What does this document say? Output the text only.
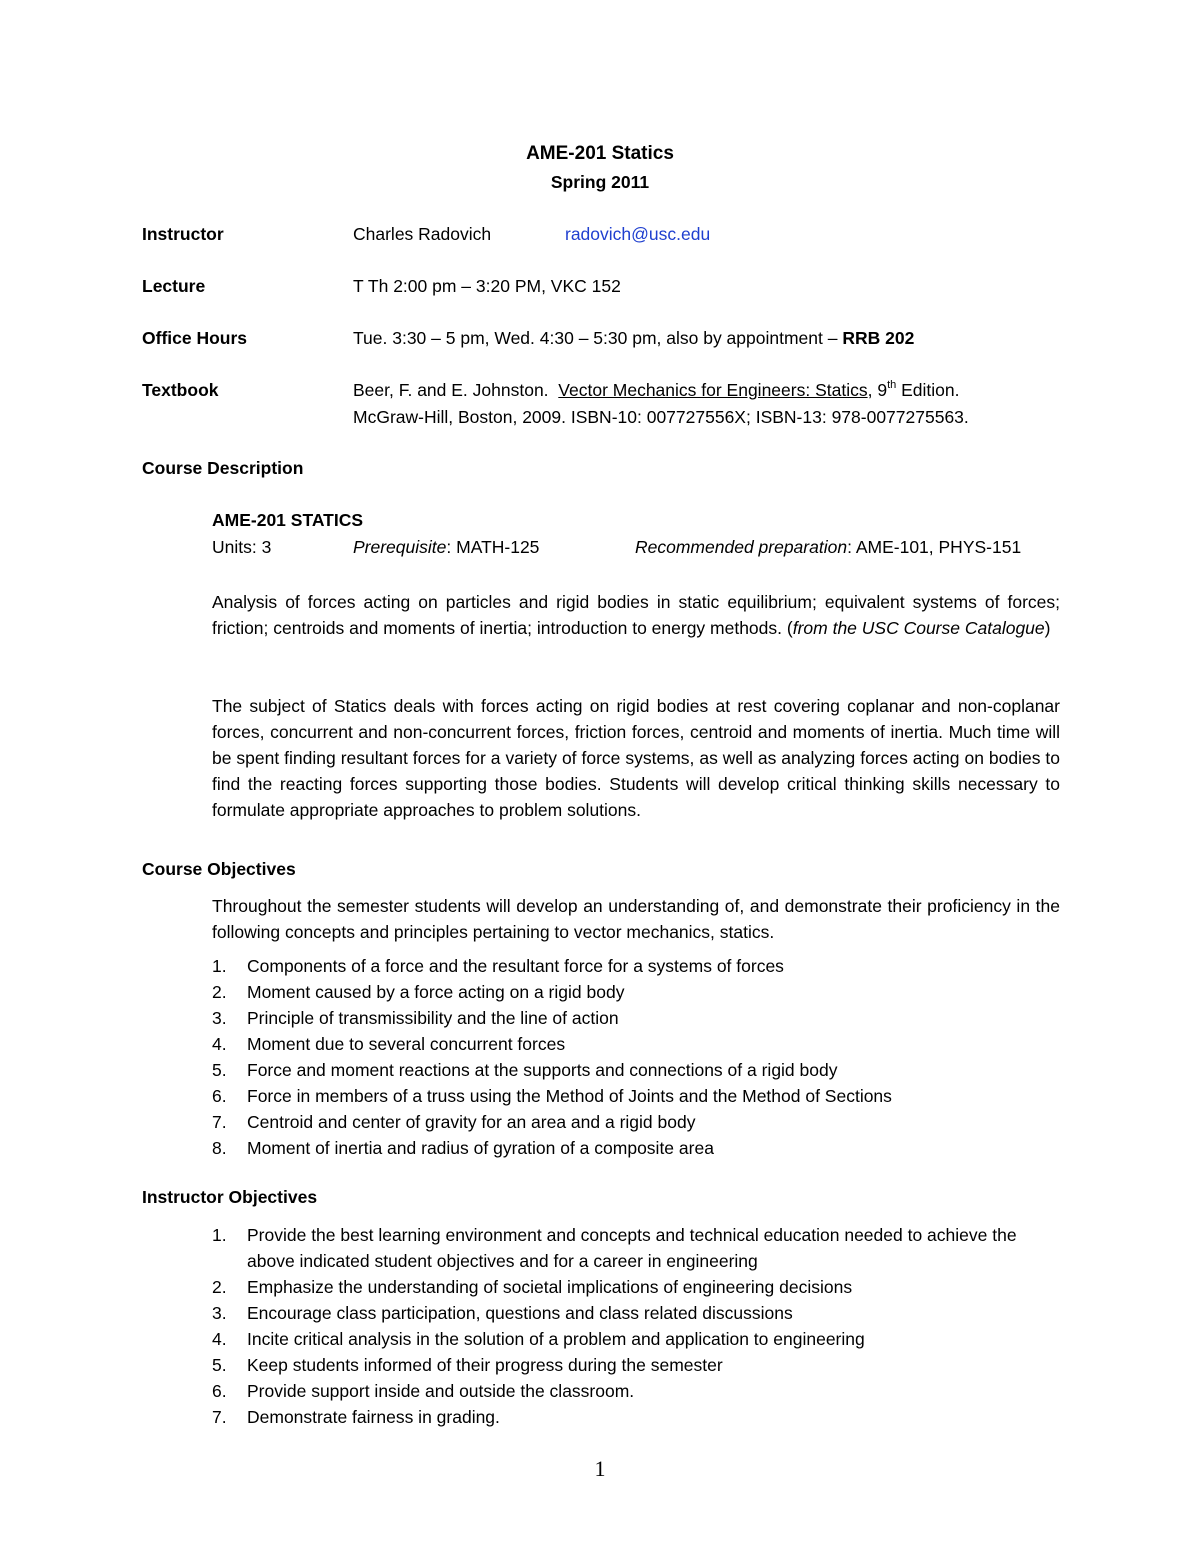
AME-201 Statics
Spring 2011
Instructor	Charles Radovich	radovich@usc.edu
Lecture	T Th 2:00 pm – 3:20 PM, VKC 152
Office Hours	Tue. 3:30 – 5 pm, Wed. 4:30 – 5:30 pm, also by appointment – RRB 202
Textbook	Beer, F. and E. Johnston. Vector Mechanics for Engineers: Statics, 9th Edition.
McGraw-Hill, Boston, 2009. ISBN-10: 007727556X; ISBN-13: 978-0077275563.
Course Description
AME-201 STATICS
Units: 3	Prerequisite: MATH-125	Recommended preparation: AME-101, PHYS-151
Analysis of forces acting on particles and rigid bodies in static equilibrium; equivalent systems of forces; friction; centroids and moments of inertia; introduction to energy methods. (from the USC Course Catalogue)
The subject of Statics deals with forces acting on rigid bodies at rest covering coplanar and non-coplanar forces, concurrent and non-concurrent forces, friction forces, centroid and moments of inertia. Much time will be spent finding resultant forces for a variety of force systems, as well as analyzing forces acting on bodies to find the reacting forces supporting those bodies. Students will develop critical thinking skills necessary to formulate appropriate approaches to problem solutions.
Course Objectives
Throughout the semester students will develop an understanding of, and demonstrate their proficiency in the following concepts and principles pertaining to vector mechanics, statics.
1. Components of a force and the resultant force for a systems of forces
2. Moment caused by a force acting on a rigid body
3. Principle of transmissibility and the line of action
4. Moment due to several concurrent forces
5. Force and moment reactions at the supports and connections of a rigid body
6. Force in members of a truss using the Method of Joints and the Method of Sections
7. Centroid and center of gravity for an area and a rigid body
8. Moment of inertia and radius of gyration of a composite area
Instructor Objectives
1. Provide the best learning environment and concepts and technical education needed to achieve the above indicated student objectives and for a career in engineering
2. Emphasize the understanding of societal implications of engineering decisions
3. Encourage class participation, questions and class related discussions
4. Incite critical analysis in the solution of a problem and application to engineering
5. Keep students informed of their progress during the semester
6. Provide support inside and outside the classroom.
7. Demonstrate fairness in grading.
1
